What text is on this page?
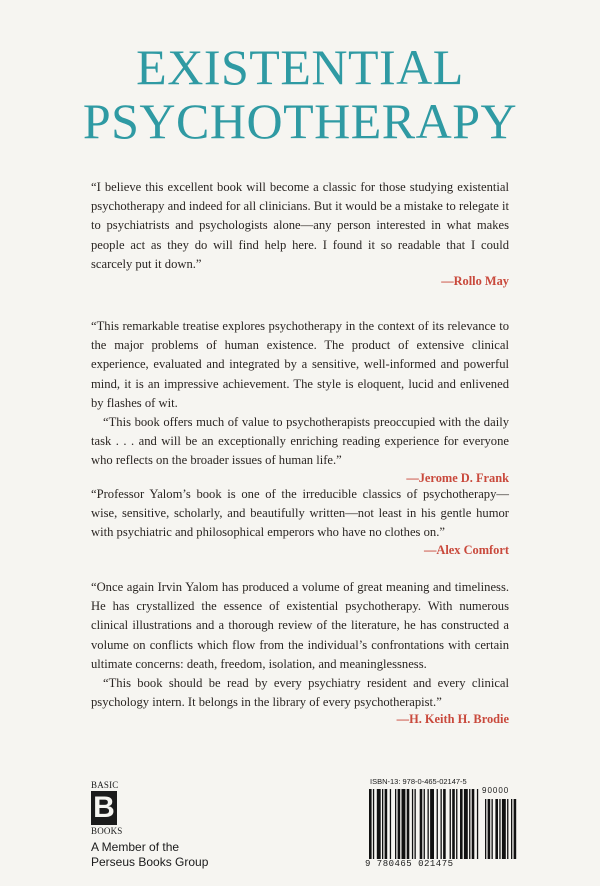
EXISTENTIAL
PSYCHOTHERAPY

“I believe this excellent book will become a classic for those studying existential psychotherapy and indeed for all clinicians. But it would be a mistake to relegate it to psychiatrists and psychologists alone—any person interested in what makes people act as they do will find help here. I found it so readable that I could scarcely put it down.”

—Rollo May

“This remarkable treatise explores psychotherapy in the context of its relevance to the major problems of human existence. The product of extensive clinical experience, evaluated and integrated by a sensitive, well-informed and powerful mind, it is an impressive achievement. The style is eloquent, lucid and enlivened by flashes of wit.

“This book offers much of value to psychotherapists preoccupied with the daily task . . . and will be an exceptionally enriching reading experience for everyone who reflects on the broader issues of human life.”

—Jerome D. Frank

“Professor Yalom’s book is one of the irreducible classics of psychotherapy—wise, sensitive, scholarly, and beautifully written—not least in his gentle humor with psychiatric and philosophical emperors who have no clothes on.”

—Alex Comfort

“Once again Irvin Yalom has produced a volume of great meaning and timeliness. He has crystallized the essence of existential psychotherapy. With numerous clinical illustrations and a thorough review of the literature, he has constructed a volume on conflicts which flow from the individual’s confrontations with certain ultimate concerns: death, freedom, isolation, and meaninglessness.

“This book should be read by every psychiatry resident and every clinical psychology intern. It belongs in the library of every psychotherapist.”

—H. Keith H. Brodie
BASIC
B
BOOKS
A Member of the
Perseus Books Group
ISBN-13: 978-0-465-02147-5
90000
9 780465 021475
